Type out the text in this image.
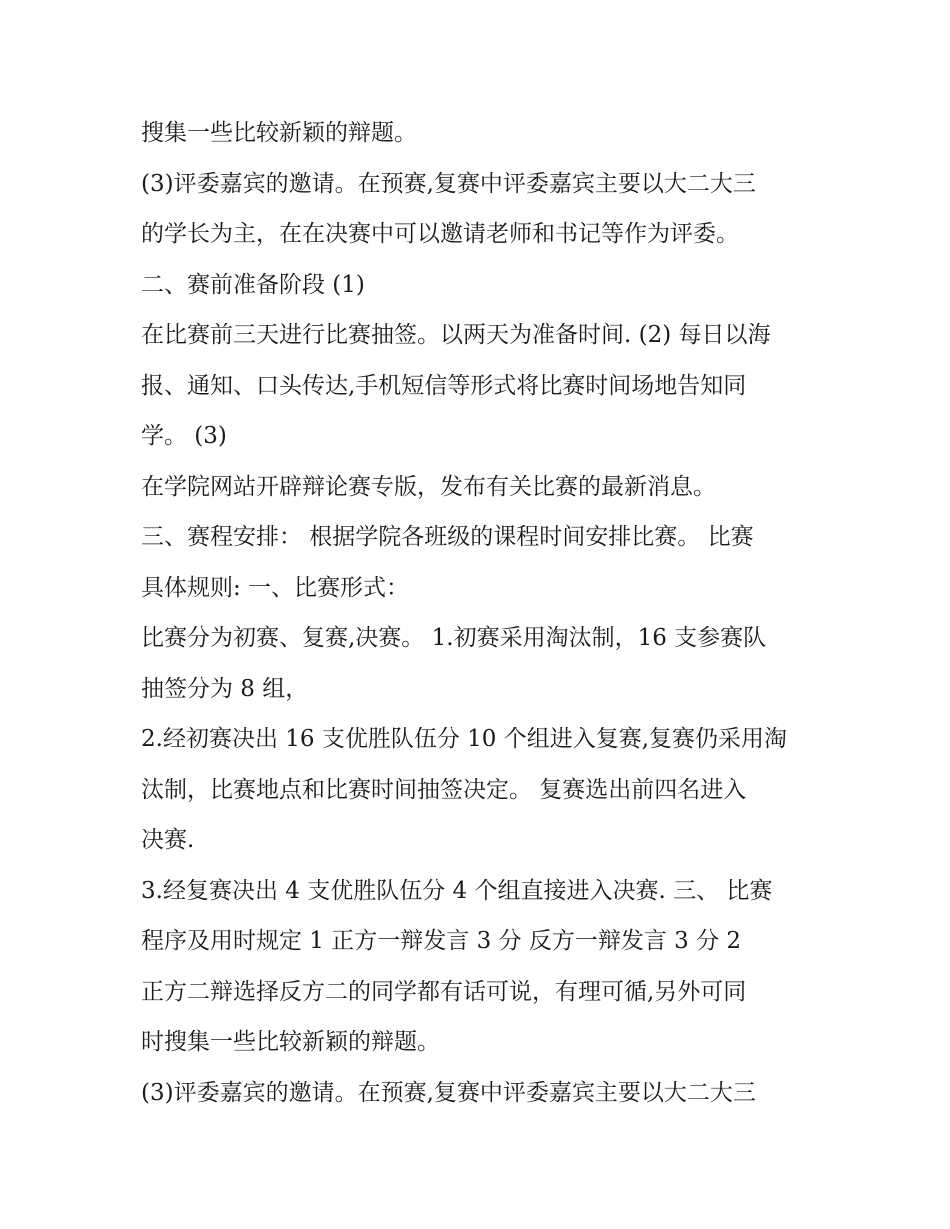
搜集一些比较新颖的辩题。
(3)评委嘉宾的邀请。在预赛,复赛中评委嘉宾主要以大二大三
的学长为主，在在决赛中可以邀请老师和书记等作为评委。
二、赛前准备阶段 (1)
在比赛前三天进行比赛抽签。以两天为准备时间. (2) 每日以海
报、通知、口头传达,手机短信等形式将比赛时间场地告知同
学。 (3)
在学院网站开辟辩论赛专版，发布有关比赛的最新消息。
三、赛程安排： 根据学院各班级的课程时间安排比赛。 比赛
具体规则: 一、比赛形式：
比赛分为初赛、复赛,决赛。 1.初赛采用淘汰制，16 支参赛队
抽签分为 8 组，
2.经初赛决出 16 支优胜队伍分 10 个组进入复赛,复赛仍采用淘
汰制，比赛地点和比赛时间抽签决定。 复赛选出前四名进入
决赛.
3.经复赛决出 4 支优胜队伍分 4 个组直接进入决赛. 三、 比赛
程序及用时规定 1 正方一辩发言 3 分 反方一辩发言 3 分 2
正方二辩选择反方二的同学都有话可说，有理可循,另外可同
时搜集一些比较新颖的辩题。
(3)评委嘉宾的邀请。在预赛,复赛中评委嘉宾主要以大二大三
